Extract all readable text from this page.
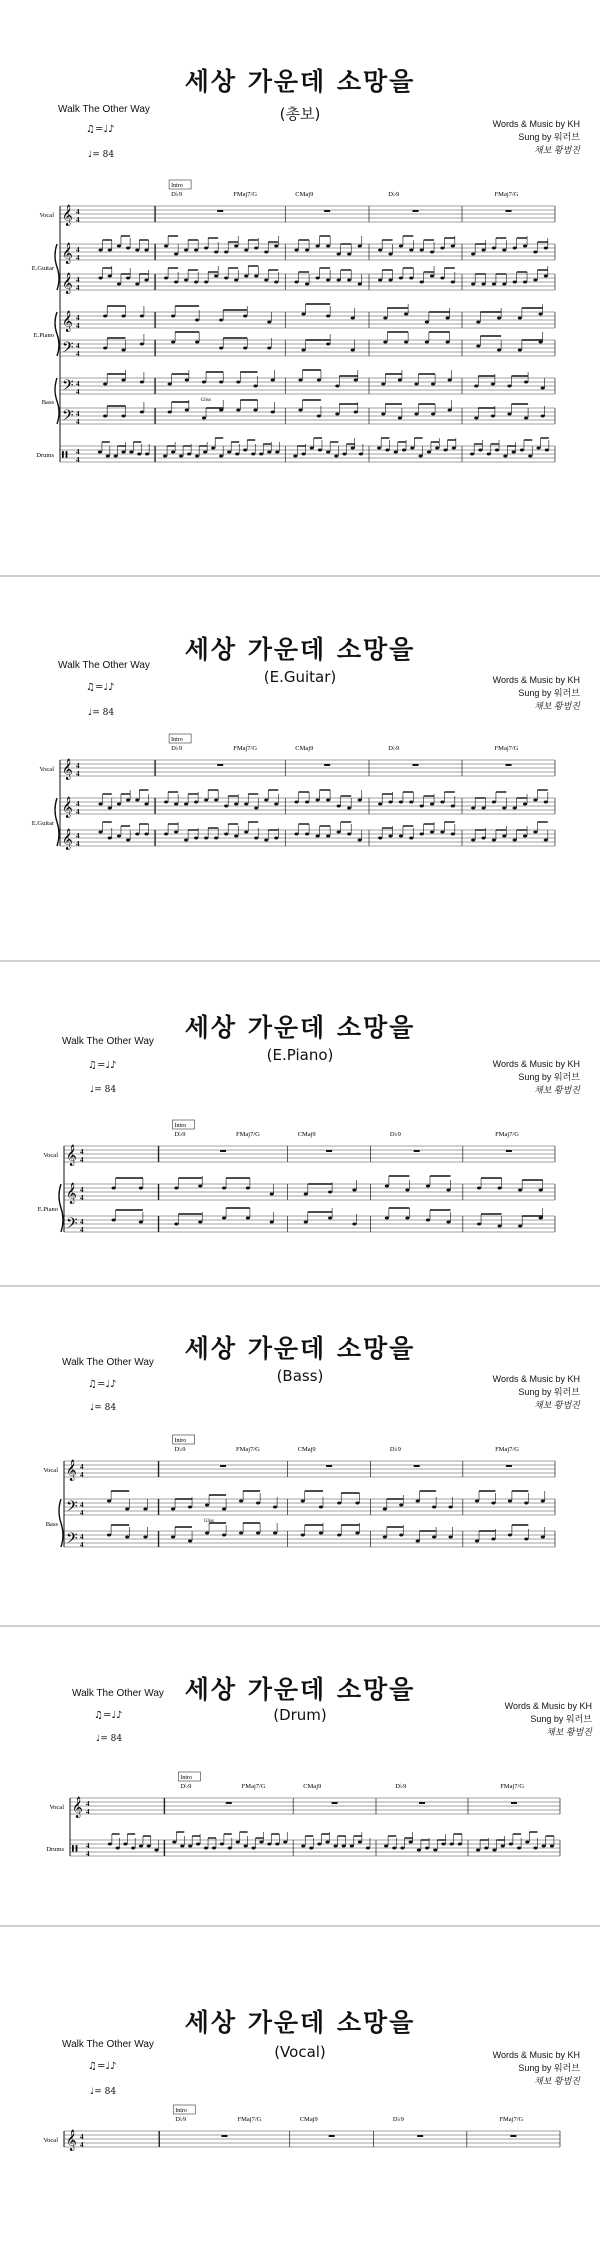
세상 가운데 소망을
(총보)
Walk The Other Way
Words & Music by KH
Sung by 워러브
채보 황범진
♫=♩♪
♩= 84
Intro
D♭9	FMaj7/G	CMaj9	D♭9	FMaj7/G
𝄞 4
4
Vocal
𝄞 4
4
𝄞 4
4
E.Guitar
𝄞 4
4
𝄢 4
4
E.Piano
𝄢 4
4
Gliss
𝄢 4
4
Bass
𝄥 4
4
Drums
세상 가운데 소망을
(E.Guitar)
Walk The Other Way
Words & Music by KH
Sung by 워러브
채보 황범진
♫=♩♪
♩= 84
Intro
D♭9	FMaj7/G	CMaj9	D♭9	FMaj7/G
𝄞 4
4
Vocal
𝄞 4
4
𝄞 4
4
E.Guitar
세상 가운데 소망을
(E.Piano)
Walk The Other Way
Words & Music by KH
Sung by 워러브
채보 황범진
♫=♩♪
♩= 84
Intro
D♭9	FMaj7/G	CMaj9	D♭9	FMaj7/G
𝄞 4
4
Vocal
𝄞 4
4
𝄢 4
4
E.Piano
세상 가운데 소망을
(Bass)
Walk The Other Way
Words & Music by KH
Sung by 워러브
채보 황범진
♫=♩♪
♩= 84
Intro
D♭9	FMaj7/G	CMaj9	D♭9	FMaj7/G
𝄞 4
4
Vocal
𝄢 4
4
Gliss
𝄢 4
4
Bass
세상 가운데 소망을
(Drum)
Walk The Other Way
Words & Music by KH
Sung by 워러브
채보 황범진
♫=♩♪
♩= 84
Intro
D♭9	FMaj7/G	CMaj9	D♭9	FMaj7/G
𝄞 4
4
Vocal
𝄥 4
4
Drums
세상 가운데 소망을
(Vocal)
Walk The Other Way
Words & Music by KH
Sung by 워러브
채보 황범진
♫=♩♪
♩= 84
Intro
D♭9	FMaj7/G	CMaj9	D♭9	FMaj7/G
𝄞 4
4
Vocal
